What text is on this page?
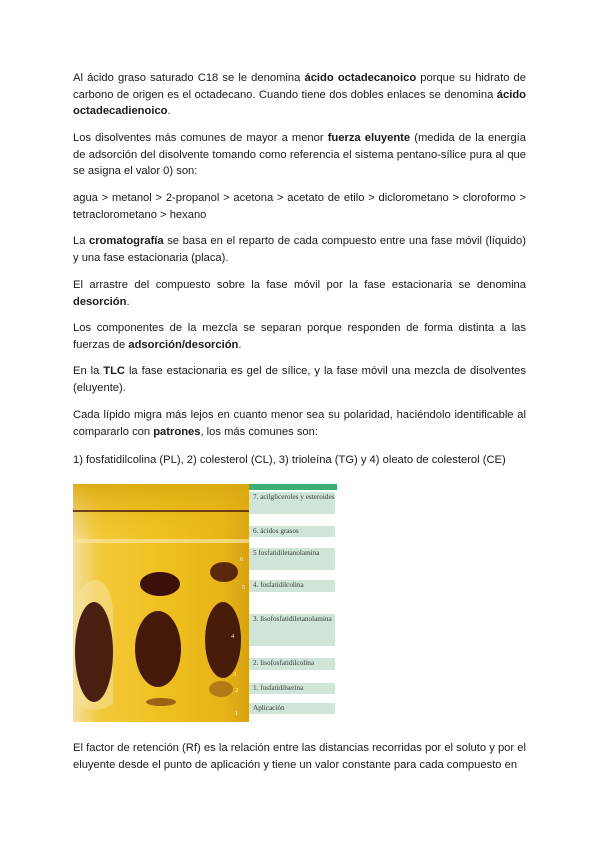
Al ácido graso saturado C18 se le denomina ácido octadecanoico porque su hidrato de carbono de origen es el octadecano. Cuando tiene dos dobles enlaces se denomina ácido octadecadienoico.

Los disolventes más comunes de mayor a menor fuerza eluyente (medida de la energía de adsorción del disolvente tomando como referencia el sistema pentano-sílice pura al que se asigna el valor 0) son:

agua > metanol > 2-propanol > acetona > acetato de etilo > diclorometano > cloroformo > tetraclorometano > hexano

La cromatografía se basa en el reparto de cada compuesto entre una fase móvil (líquido) y una fase estacionaria (placa).

El arrastre del compuesto sobre la fase móvil por la fase estacionaria se denomina desorción.

Los componentes de la mezcla se separan porque responden de forma distinta a las fuerzas de adsorción/desorción.

En la TLC la fase estacionaria es gel de sílice, y la fase móvil una mezcla de disolventes (eluyente).

Cada lípido migra más lejos en cuanto menor sea su polaridad, haciéndolo identificable al compararlo con patrones, los más comunes son:

1) fosfatidilcolina (PL), 2) colesterol (CL), 3) trioleína (TG) y 4) oleato de colesterol (CE)

6
5
4
3
2
1
7. acilgliceroles y esteroides
6. ácidos grasos
5 fosfatidiletanolamina
4. fosfatidilcolina
3. lisofosfatidiletanolamina
2. lisofosfatidilcolina
1. fosfatidilserina
Aplicación

El factor de retención (Rf) es la relación entre las distancias recorridas por el soluto y por el eluyente desde el punto de aplicación y tiene un valor constante para cada compuesto en
